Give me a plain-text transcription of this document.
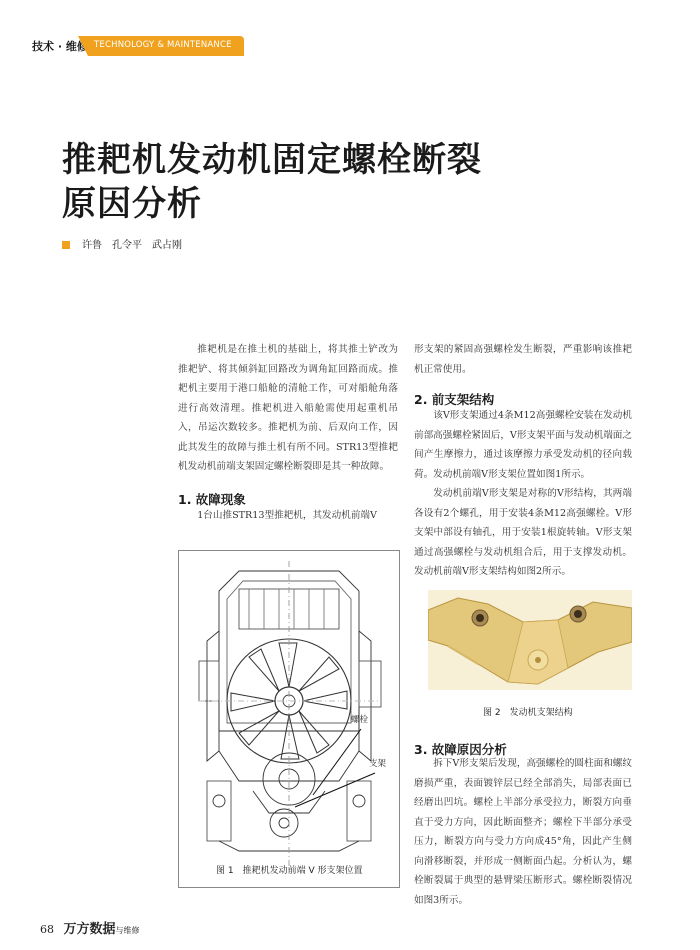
技术 · 维修 TECHNOLOGY & MAINTENANCE
推耙机发动机固定螺栓断裂
原因分析
许鲁　孔令平　武占刚

推耙机是在推土机的基础上，将其推土铲改为推耙铲、将其倾斜缸回路改为调角缸回路而成。推耙机主要用于港口船舱的清舱工作，可对船舱角落进行高效清理。推耙机进入船舱需使用起重机吊入，吊运次数较多。推耙机为前、后双向工作，因此其发生的故障与推土机有所不同。STR13型推耙机发动机前端支架固定螺栓断裂即是其一种故障。

1. 故障现象

1台山推STR13型推耙机，其发动机前端V

螺栓
支架
图 1　推耙机发动前端 V 形支架位置

形支架的紧固高强螺栓发生断裂，严重影响该推耙机正常使用。

2. 前支架结构

该V形支架通过4条M12高强螺栓安装在发动机前部高强螺栓紧固后，V形支架平面与发动机端面之间产生摩擦力，通过该摩擦力承受发动机的径向载荷。发动机前端V形支架位置如图1所示。

发动机前端V形支架是对称的V形结构，其两端各设有2个螺孔，用于安装4条M12高强螺栓。V形支架中部设有轴孔，用于安装1根旋转轴。V形支架通过高强螺栓与发动机组合后，用于支撑发动机。发动机前端V形支架结构如图2所示。

图 2　发动机支架结构
3. 故障原因分析

拆下V形支架后发现，高强螺栓的圆柱面和螺纹磨损严重，表面镀锌层已经全部消失，局部表面已经磨出凹坑。螺栓上半部分承受拉力，断裂方向垂直于受力方向，因此断面整齐；螺栓下半部分承受压力，断裂方向与受力方向成45°角，因此产生侧向滑移断裂，并形成一侧断面凸起。分析认为，螺栓断裂属于典型的悬臂梁压断形式。螺栓断裂情况如图3所示。

68 万方数据与维修
